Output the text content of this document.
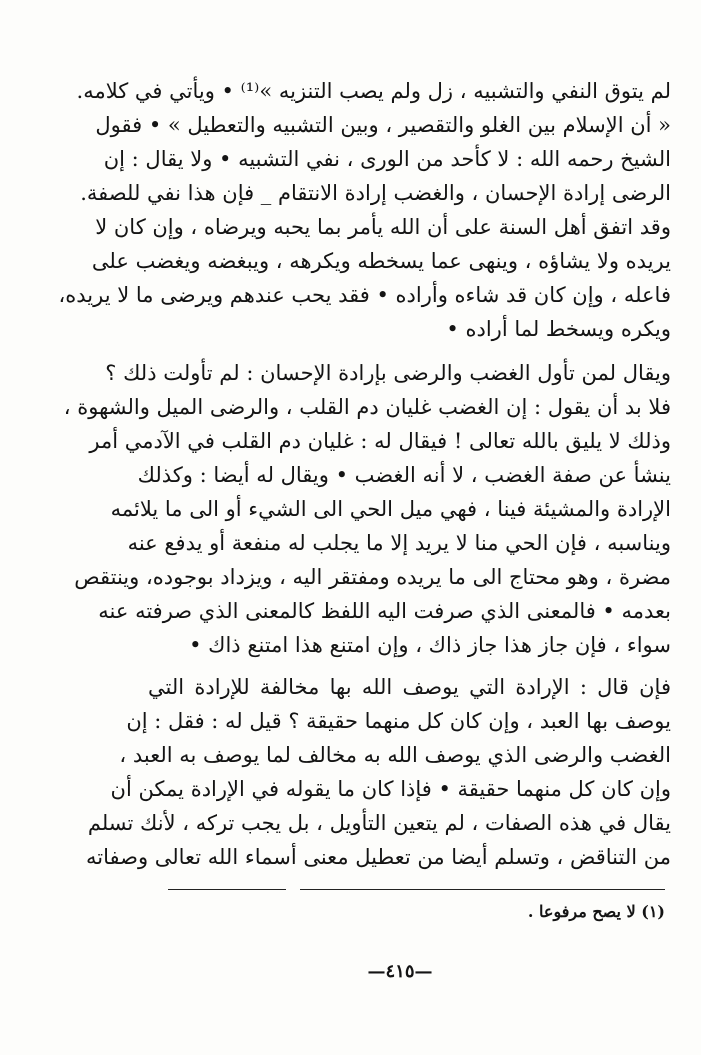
لم يتوق النفي والتشبيه ، زل ولم يصب التنزيه »⁽¹⁾ • ويأتي في كلامه.
« أن الإسلام بين الغلو والتقصير ، وبين التشبيه والتعطيل » • فقول
الشيخ رحمه الله : لا كأحد من الورى ، نفي التشبيه • ولا يقال : إن
الرضى إرادة الإحسان ، والغضب إرادة الانتقام _ فإن هذا نفي للصفة.
وقد اتفق أهل السنة على أن الله يأمر بما يحبه ويرضاه ، وإن كان لا
يريده ولا يشاؤه ، وينهى عما يسخطه ويكرهه ، ويبغضه ويغضب على
فاعله ، وإن كان قد شاءه وأراده • فقد يحب عندهم ويرضى ما لا يريده،
ويكره ويسخط لما أراده •
ويقال لمن تأول الغضب والرضى بإرادة الإحسان : لم تأولت ذلك ؟
فلا بد أن يقول : إن الغضب غليان دم القلب ، والرضى الميل والشهوة ،
وذلك لا يليق بالله تعالى ! فيقال له : غليان دم القلب في الآدمي أمر
ينشأ عن صفة الغضب ، لا أنه الغضب • ويقال له أيضا : وكذلك
الإرادة والمشيئة فينا ، فهي ميل الحي الى الشيء أو الى ما يلائمه
ويناسبه ، فإن الحي منا لا يريد إلا ما يجلب له منفعة أو يدفع عنه
مضرة ، وهو محتاج الى ما يريده ومفتقر اليه ، ويزداد بوجوده، وينتقص
بعدمه • فالمعنى الذي صرفت اليه اللفظ كالمعنى الذي صرفته عنه
سواء ، فإن جاز هذا جاز ذاك ، وإن امتنع هذا امتنع ذاك •
فإن قال : الإرادة التي يوصف الله بها مخالفة للإرادة التي
يوصف بها العبد ، وإن كان كل منهما حقيقة ؟ قيل له : فقل : إن
الغضب والرضى الذي يوصف الله به مخالف لما يوصف به العبد ،
وإن كان كل منهما حقيقة • فإذا كان ما يقوله في الإرادة يمكن أن
يقال في هذه الصفات ، لم يتعين التأويل ، بل يجب تركه ، لأنك تسلم
من التناقض ، وتسلم أيضا من تعطيل معنى أسماء الله تعالى وصفاته
(١) لا يصح مرفوعا .
—٤١٥—
